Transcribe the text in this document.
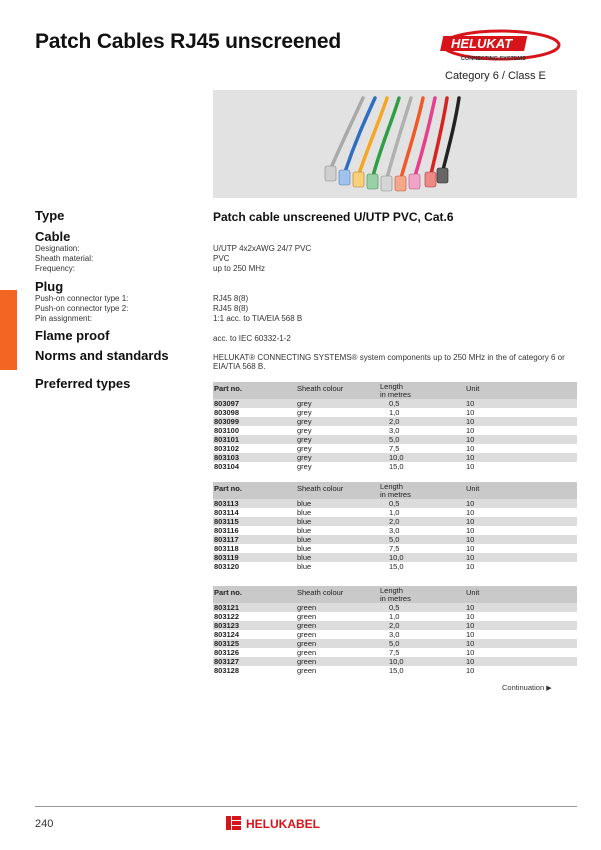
Patch Cables RJ45 unscreened	HELUKAT
CONNECTING SYSTEMS
Category 6 / Class E
Type	Patch cable unscreened U/UTP PVC, Cat.6
Cable
Designation:	U/UTP 4x2xAWG 24/7 PVC
Sheath material:	PVC
Frequency:	up to 250 MHz
Plug
Push-on connector type 1:	RJ45 8(8)
Push-on connector type 2:	RJ45 8(8)
Pin assignment:	1:1 acc. to TIA/EIA 568 B
Flame proof	acc. to IEC 60332-1-2
Norms and standards	HELUKAT® CONNECTING SYSTEMS® system components up to 250 MHz in the of category 6 or
EIA/TIA 568 B.
Preferred types	Part no.	Sheath colour	Length
in metres
Unit
803097	grey	0,5	10
803098	grey	1,0	10
803099	grey	2,0	10
803100	grey	3,0	10
803101	grey	5,0	10
803102	grey	7,5	10
803103	grey	10,0	10
803104	grey	15,0	10
Part no.	Sheath colour	Length
in metres
Unit
803113	blue	0,5	10
803114	blue	1,0	10
803115	blue	2,0	10
803116	blue	3,0	10
803117	blue	5,0	10
803118	blue	7,5	10
803119	blue	10,0	10
803120	blue	15,0	10
Part no.	Sheath colour	Length
in metres
Unit
803121	green	0,5	10
803122	green	1,0	10
803123	green	2,0	10
803124	green	3,0	10
803125	green	5,0	10
803126	green	7,5	10
803127	green	10,0	10
803128	green	15,0	10
Continuation ▶
240	HELUKABEL
